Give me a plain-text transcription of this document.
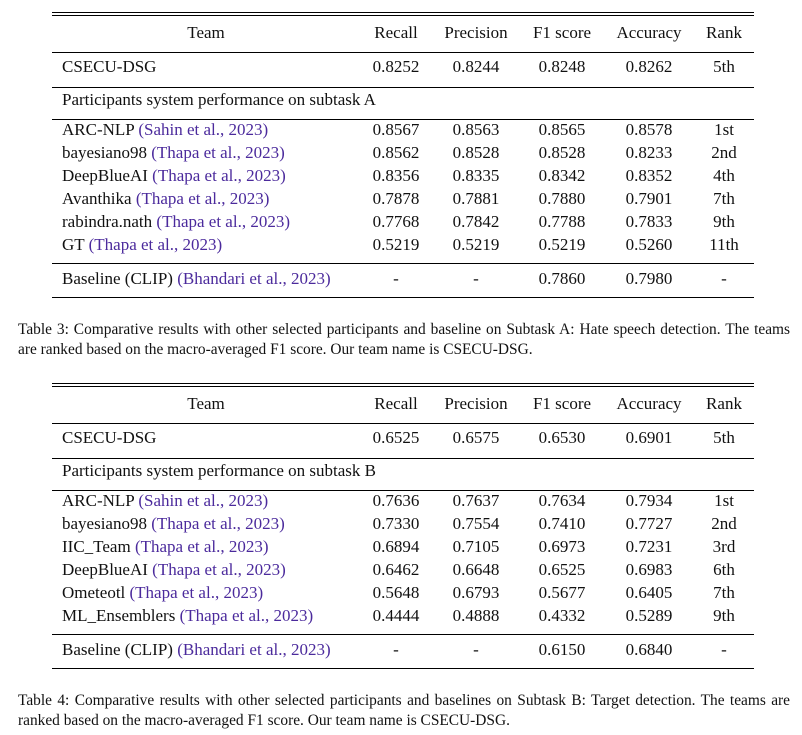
Team	Recall Precision F1 score Accuracy Rank
CSECU-DSG	0.8252 0.8244 0.8248 0.8262 5th
Participants system performance on subtask A
ARC-NLP (Sahin et al., 2023)	0.8567 0.8563 0.8565 0.8578 1st
bayesiano98 (Thapa et al., 2023)	0.8562 0.8528 0.8528 0.8233 2nd
DeepBlueAI (Thapa et al., 2023)	0.8356 0.8335 0.8342 0.8352 4th
Avanthika (Thapa et al., 2023)	0.7878 0.7881 0.7880 0.7901 7th
rabindra.nath (Thapa et al., 2023)	0.7768 0.7842 0.7788 0.7833 9th
GT (Thapa et al., 2023)	0.5219 0.5219 0.5219 0.5260 11th
Baseline (CLIP) (Bhandari et al., 2023)	-	-	0.7860 0.7980	-
Table 3: Comparative results with other selected participants and baseline on Subtask A: Hate speech detection. The teams are ranked based on the macro-averaged F1 score. Our team name is CSECU-DSG.
Team	Recall Precision F1 score Accuracy Rank
CSECU-DSG	0.6525 0.6575 0.6530 0.6901 5th
Participants system performance on subtask B
ARC-NLP (Sahin et al., 2023)	0.7636 0.7637 0.7634 0.7934 1st
bayesiano98 (Thapa et al., 2023)	0.7330 0.7554 0.7410 0.7727 2nd
IIC_Team (Thapa et al., 2023)	0.6894 0.7105 0.6973 0.7231 3rd
DeepBlueAI (Thapa et al., 2023)	0.6462 0.6648 0.6525 0.6983 6th
Ometeotl (Thapa et al., 2023)	0.5648 0.6793 0.5677 0.6405 7th
ML_Ensemblers (Thapa et al., 2023)	0.4444 0.4888 0.4332 0.5289 9th
Baseline (CLIP) (Bhandari et al., 2023)	-	-	0.6150 0.6840	-
Table 4: Comparative results with other selected participants and baselines on Subtask B: Target detection. The teams are ranked based on the macro-averaged F1 score. Our team name is CSECU-DSG.
